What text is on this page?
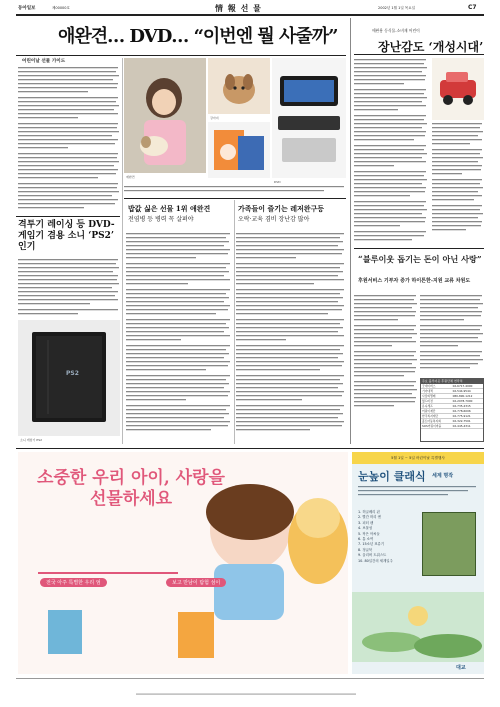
동아일보	제00000호	情 報 선 물	2002년 1월 1일 목요일	C7
애완견… DVD… “이번엔 뭘 사줄까”
어린이날 선물 가이드
애완견
강아지
DVD
격투기 레이싱 등 DVD-게임기 겸용 소니 ‘PS2’ 인기
PS2
소니 게임기 PS2
밥값 싫은 선물 1위 애완견
전염병 등 병력 꼭 살펴야
가족들이 즐기는 레저완구등
오락·교육 겸비 장난감 많아
애완용 동식물-소비재 어린이
장난감도 ‘개성시대’
“블루이웃 돕기는 돈이 아닌 사랑”
후원서비스 기부자 증가 하이튼한-지원 교류 차원도
주요 블루이웃 후원단체 연락처
굿네이버스	02-6717-4000
기아대책	02-544-9544
사랑의열매	080-890-1212
월드비전	02-2078-7000
유니세프	02-735-2315
어린이재단	02-778-6006
한국복지재단	02-775-9121
홀트아동복지회	02-322-7501
SOS어린이마을	02-445-4311
소중한 우리 아이, 사랑을 선물하세요
전국 아주 특별한 우리 엄	보고 만남이 탐험 섬이
5월 1일 ~ 5일 어린이날 특별행사
눈높이 클래식 세계 명작
1. 허클베리 핀
2. 빨간 머리 앤
3. 피터 팬
4. 보물섬
5. 작은 아씨들
6. 톰 소여
7. 15소년 표류기
8. 정글북
9. 올리버 트위스트
10. 80일간의 세계일주
대교
